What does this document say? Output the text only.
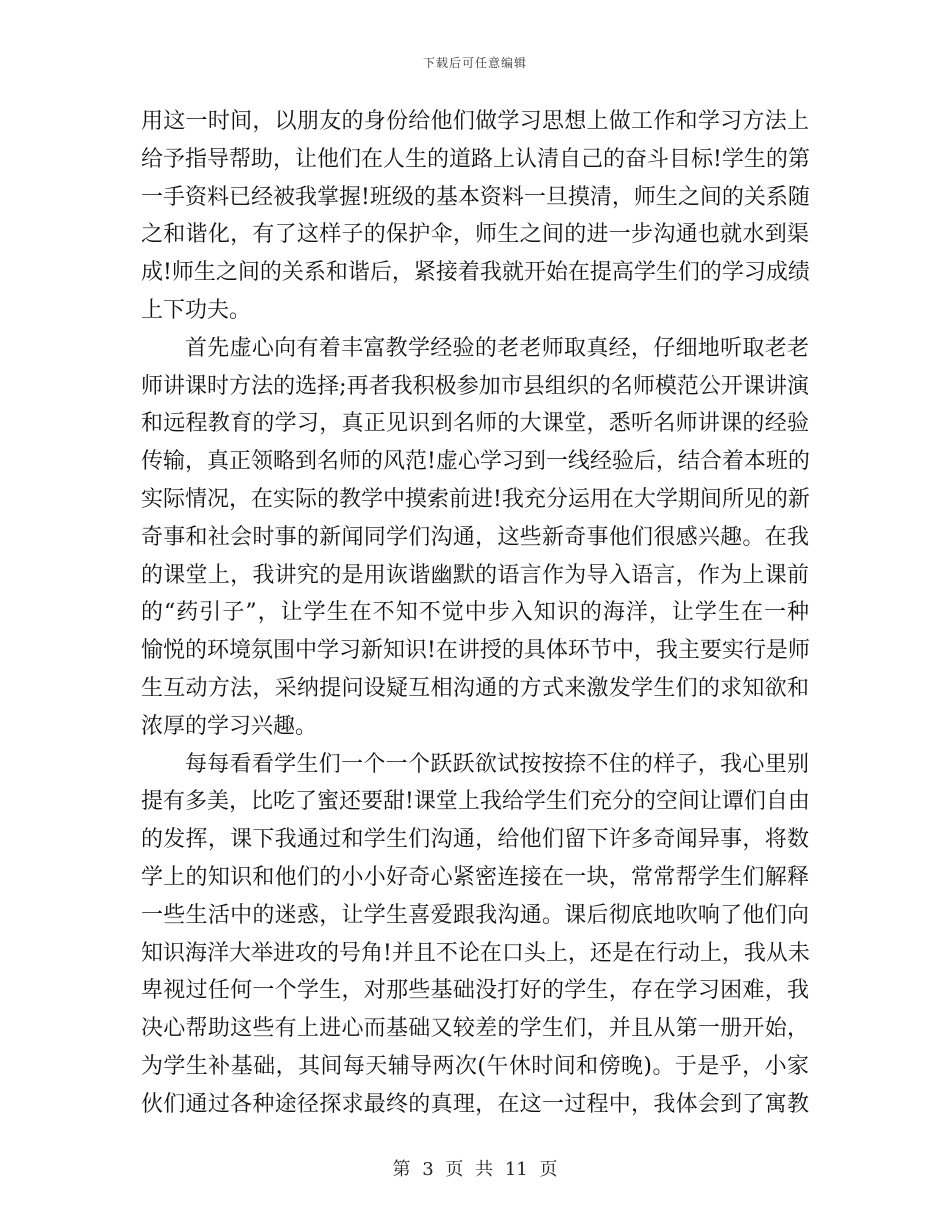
下载后可任意编辑
用这一时间，以朋友的身份给他们做学习思想上做工作和学习方法上
给予指导帮助，让他们在人生的道路上认清自己的奋斗目标!学生的第
一手资料已经被我掌握!班级的基本资料一旦摸清，师生之间的关系随
之和谐化，有了这样子的保护伞，师生之间的进一步沟通也就水到渠
成!师生之间的关系和谐后，紧接着我就开始在提高学生们的学习成绩
上下功夫。
首先虚心向有着丰富教学经验的老老师取真经，仔细地听取老老
师讲课时方法的选择;再者我积极参加市县组织的名师模范公开课讲演
和远程教育的学习，真正见识到名师的大课堂，悉听名师讲课的经验
传输，真正领略到名师的风范!虚心学习到一线经验后，结合着本班的
实际情况，在实际的教学中摸索前进!我充分运用在大学期间所见的新
奇事和社会时事的新闻同学们沟通，这些新奇事他们很感兴趣。在我
的课堂上，我讲究的是用诙谐幽默的语言作为导入语言，作为上课前
的“药引子”，让学生在不知不觉中步入知识的海洋，让学生在一种
愉悦的环境氛围中学习新知识!在讲授的具体环节中，我主要实行是师
生互动方法，采纳提问设疑互相沟通的方式来激发学生们的求知欲和
浓厚的学习兴趣。
每每看看学生们一个一个跃跃欲试按按捺不住的样子，我心里别
提有多美，比吃了蜜还要甜!课堂上我给学生们充分的空间让谭们自由
的发挥，课下我通过和学生们沟通，给他们留下许多奇闻异事，将数
学上的知识和他们的小小好奇心紧密连接在一块，常常帮学生们解释
一些生活中的迷惑，让学生喜爱跟我沟通。课后彻底地吹响了他们向
知识海洋大举进攻的号角!并且不论在口头上，还是在行动上，我从未
卑视过任何一个学生，对那些基础没打好的学生，存在学习困难，我
决心帮助这些有上进心而基础又较差的学生们，并且从第一册开始，
为学生补基础，其间每天辅导两次(午休时间和傍晚)。于是乎，小家
伙们通过各种途径探求最终的真理，在这一过程中，我体会到了寓教
第 3 页 共 11 页
